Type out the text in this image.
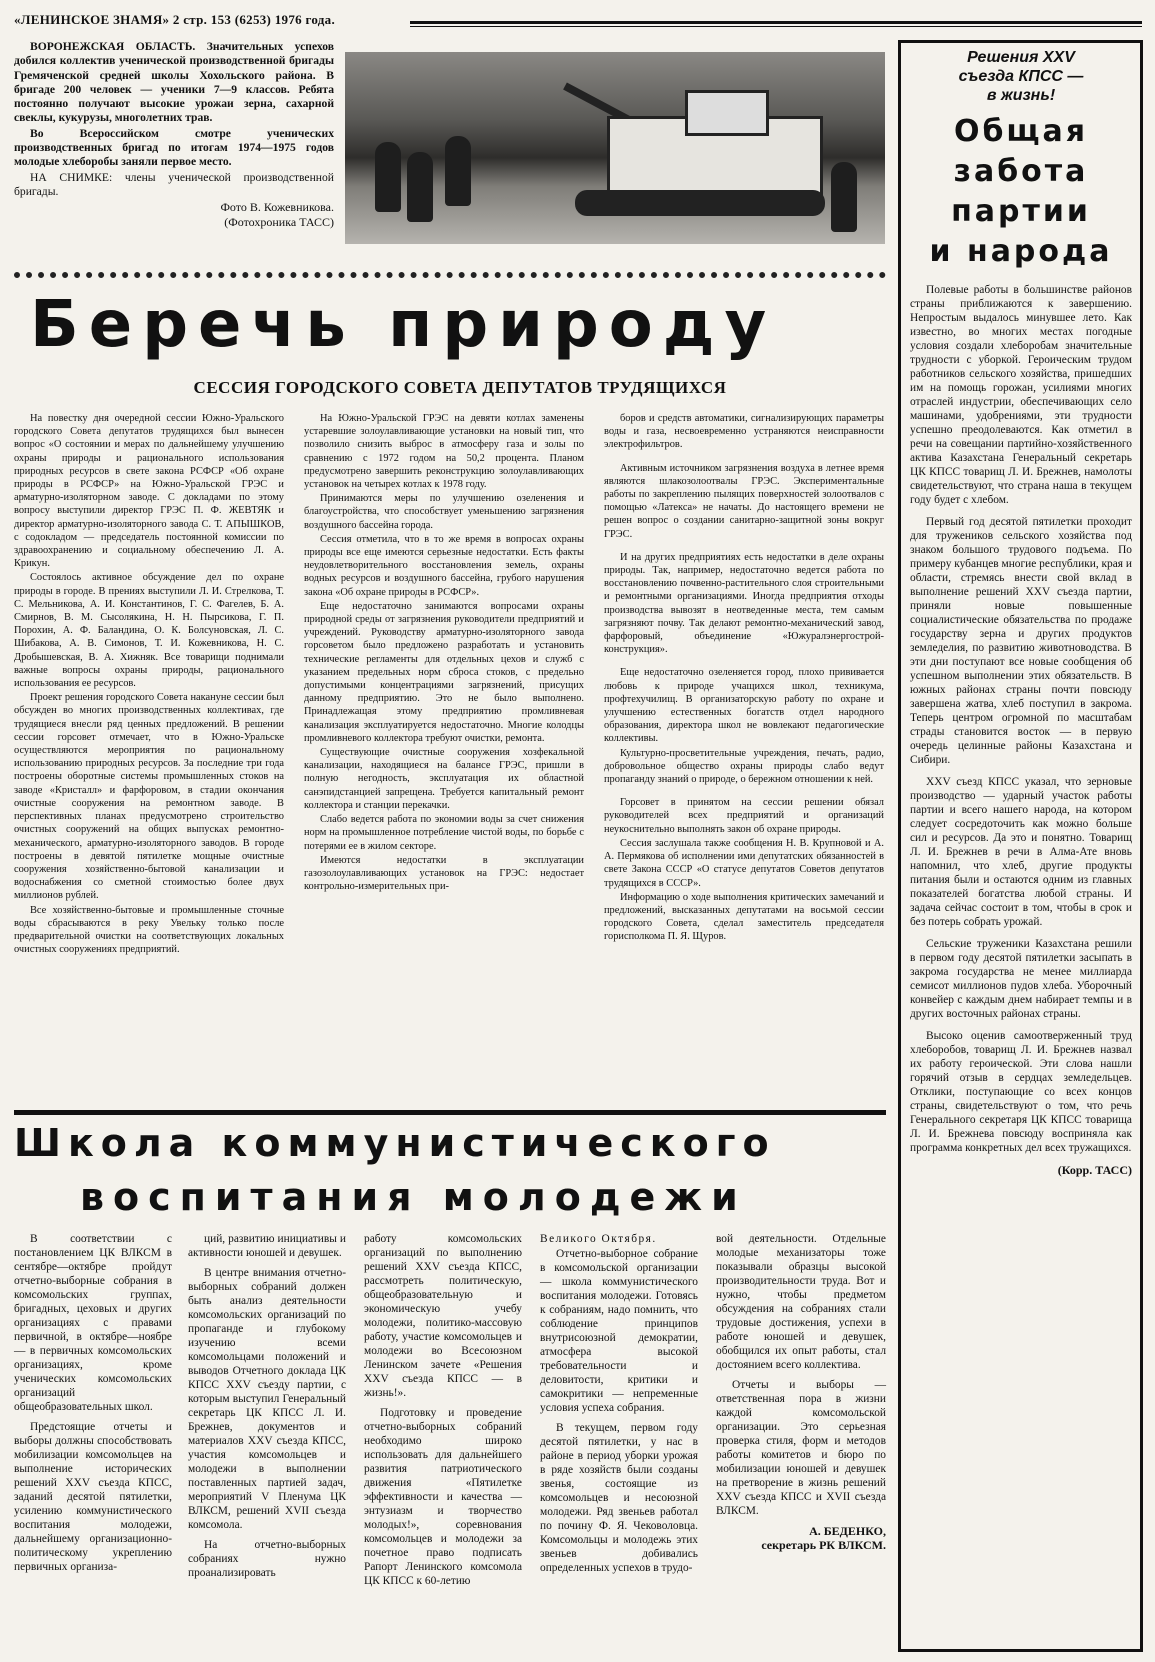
«ЛЕНИНСКОЕ ЗНАМЯ» 2 стр. 153 (6253) 1976 года.

ВОРОНЕЖСКАЯ ОБЛАСТЬ. Значительных успехов добился коллектив ученической производственной бригады Гремяченской средней школы Хохольского района. В бригаде 200 человек — ученики 7—9 классов. Ребята постоянно получают высокие урожаи зерна, сахарной свеклы, кукурузы, многолетних трав.

Во Всероссийском смотре ученических производственных бригад по итогам 1974—1975 годов молодые хлеборобы заняли первое место.

НА СНИМКЕ: члены ученической производственной бригады.

Фото В. Кожевникова.
(Фотохроника ТАСС)
Решения XXV
съезда КПСС —
в жизнь!
Общая
забота
партии
и народа

Полевые работы в большинстве районов страны приближаются к завершению. Непростым выдалось минувшее лето. Как известно, во многих местах погодные условия создали хлеборобам значительные трудности с уборкой. Героическим трудом работников сельского хозяйства, пришедших им на помощь горожан, усилиями многих отраслей индустрии, обеспечивающих село машинами, удобрениями, эти трудности успешно преодолеваются. Как отметил в речи на совещании партийно-хозяйственного актива Казахстана Генеральный секретарь ЦК КПСС товарищ Л. И. Брежнев, намолоты свидетельствуют, что страна наша в текущем году будет с хлебом.

Первый год десятой пятилетки проходит для тружеников сельского хозяйства под знаком большого трудового подъема. По примеру кубанцев многие республики, края и области, стремясь внести свой вклад в выполнение решений XXV съезда партии, приняли новые повышенные социалистические обязательства по продаже государству зерна и других продуктов земледелия, по развитию животноводства. В эти дни поступают все новые сообщения об успешном выполнении этих обязательств. В южных районах страны почти повсюду завершена жатва, хлеб поступил в закрома. Теперь центром огромной по масштабам страды становится восток — в первую очередь целинные районы Казахстана и Сибири.

XXV съезд КПСС указал, что зерновые производство — ударный участок работы партии и всего нашего народа, на котором следует сосредоточить как можно больше сил и ресурсов. Да это и понятно. Товарищ Л. И. Брежнев в речи в Алма-Ате вновь напомнил, что хлеб, другие продукты питания были и остаются одним из главных показателей богатства любой страны. И задача сейчас состоит в том, чтобы в срок и без потерь собрать урожай.

Сельские труженики Казахстана решили в первом году десятой пятилетки засыпать в закрома государства не менее миллиарда семисот миллионов пудов хлеба. Уборочный конвейер с каждым днем набирает темпы и в других восточных районах страны.

Высоко оценив самоотверженный труд хлеборобов, товарищ Л. И. Брежнев назвал их работу героической. Эти слова нашли горячий отзыв в сердцах земледельцев. Отклики, поступающие со всех концов страны, свидетельствуют о том, что речь Генерального секретаря ЦК КПСС товарища Л. И. Брежнева повсюду восприняла как программа конкретных дел всех тружащихся.

(Корр. ТАСС)
Беречь природу
СЕССИЯ ГОРОДСКОГО СОВЕТА ДЕПУТАТОВ ТРУДЯЩИХСЯ

На повестку дня очередной сессии Южно-Уральского городского Совета депутатов трудящихся был вынесен вопрос «О состоянии и мерах по дальнейшему улучшению охраны природы и рационального использования природных ресурсов в свете закона РСФСР «Об охране природы в РСФСР» на Южно-Уральской ГРЭС и арматурно-изоляторном заводе. С докладами по этому вопросу выступили директор ГРЭС П. Ф. ЖЕВТЯК и директор арматурно-изоляторного завода С. Т. АПЫШКОВ, с содокладом — председатель постоянной комиссии по здравоохранению и социальному обеспечению Л. А. Крикун.

Состоялось активное обсуждение дел по охране природы в городе. В прениях выступили Л. И. Стрелкова, Т. С. Мельникова, А. И. Константинов, Г. С. Фагелев, Б. А. Смирнов, В. М. Сысолякина, Н. Н. Пырсикова, Г. П. Порохин, А. Ф. Баландина, О. К. Болсуновская, Л. С. Шибакова, А. В. Симонов, Т. И. Кожевникова, Н. С. Дробышевская, В. А. Хижняк. Все товарищи поднимали важные вопросы охраны природы, рационального использования ее ресурсов.

Проект решения городского Совета накануне сессии был обсужден во многих производственных коллективах, где трудящиеся внесли ряд ценных предложений. В решении сессии горсовет отмечает, что в Южно-Уральске осуществляются мероприятия по рациональному использованию природных ресурсов. За последние три года построены оборотные системы промышленных стоков на заводе «Кристалл» и фарфоровом, в стадии окончания очистные сооружения на ремонтном заводе. В перспективных планах предусмотрено строительство очистных сооружений на общих выпусках ремонтно-механического, арматурно-изоляторного заводов. В городе построены в девятой пятилетке мощные очистные сооружения хозяйственно-бытовой канализации и водоснабжения со сметной стоимостью более двух миллионов рублей.

Все хозяйственно-бытовые и промышленные сточные воды сбрасываются в реку Увельку только после предварительной очистки на соответствующих локальных очистных сооружениях предприятий.

На Южно-Уральской ГРЭС на девяти котлах заменены устаревшие золоулавливающие установки на новый тип, что позволило снизить выброс в атмосферу газа и золы по сравнению с 1972 годом на 50,2 процента. Планом предусмотрено завершить реконструкцию золоулавливающих установок на четырех котлах к 1978 году.

Принимаются меры по улучшению озеленения и благоустройства, что способствует уменьшению загрязнения воздушного бассейна города.

Сессия отметила, что в то же время в вопросах охраны природы все еще имеются серьезные недостатки. Есть факты неудовлетворительного восстановления земель, охраны водных ресурсов и воздушного бассейна, грубого нарушения закона «Об охране природы в РСФСР».

Еще недостаточно занимаются вопросами охраны природной среды от загрязнения руководители предприятий и учреждений. Руководству арматурно-изоляторного завода горсоветом было предложено разработать и установить технические регламенты для отдельных цехов и служб с указанием предельных норм сброса стоков, с предельно допустимыми концентрациями загрязнений, присущих данному предприятию. Это не было выполнено. Принадлежащая этому предприятию промливневая канализация эксплуатируется недостаточно. Многие колодцы промливневого коллектора требуют очистки, ремонта.

Существующие очистные сооружения хозфекальной канализации, находящиеся на балансе ГРЭС, пришли в полную негодность, эксплуатация их областной санэпидстанцией запрещена. Требуется капитальный ремонт коллектора и станции перекачки.

Слабо ведется работа по экономии воды за счет снижения норм на промышленное потребление чистой воды, по борьбе с потерями ее в жилом секторе.

Имеются недостатки в эксплуатации газозолоулавливающих установок на ГРЭС: недостает контрольно-измерительных при-

боров и средств автоматики, сигнализирующих параметры воды и газа, несвоевременно устраняются неисправности электрофильтров.

Активным источником загрязнения воздуха в летнее время являются шлакозолоотвалы ГРЭС. Экспериментальные работы по закреплению пылящих поверхностей золоотвалов с помощью «Латекса» не начаты. До настоящего времени не решен вопрос о создании санитарно-защитной зоны вокруг ГРЭС.

И на других предприятиях есть недостатки в деле охраны природы. Так, например, недостаточно ведется работа по восстановлению почвенно-растительного слоя строительными и ремонтными организациями. Иногда предприятия отходы производства вывозят в неотведенные места, тем самым загрязняют почву. Так делают ремонтно-механический завод, фарфоровый, объединение «Южуралэнергострой-конструкция».

Еще недостаточно озеленяется город, плохо прививается любовь к природе учащихся школ, техникума, профтехучилищ. В организаторскую работу по охране и улучшению естественных богатств отдел народного образования, директора школ не вовлекают педагогические коллективы.

Культурно-просветительные учреждения, печать, радио, добровольное общество охраны природы слабо ведут пропаганду знаний о природе, о бережном отношении к ней.

Горсовет в принятом на сессии решении обязал руководителей всех предприятий и организаций неукоснительно выполнять закон об охране природы.

Сессия заслушала также сообщения Н. В. Крупновой и А. А. Пермякова об исполнении ими депутатских обязанностей в свете Закона СССР «О статусе депутатов Советов депутатов трудящихся в СССР».

Информацию о ходе выполнения критических замечаний и предложений, высказанных депутатами на восьмой сессии городского Совета, сделал заместитель председателя горисполкома П. Я. Щуров.

Школа коммунистического
воспитания молодежи

В соответствии с постановлением ЦК ВЛКСМ в сентябре—октябре пройдут отчетно-выборные собрания в комсомольских группах, бригадных, цеховых и других организациях с правами первичной, в октябре—ноябре — в первичных комсомольских организациях, кроме ученических комсомольских организаций общеобразовательных школ.

Предстоящие отчеты и выборы должны способствовать мобилизации комсомольцев на выполнение исторических решений XXV съезда КПСС, заданий десятой пятилетки, усилению коммунистического воспитания молодежи, дальнейшему организационно-политическому укреплению первичных организа-

ций, развитию инициативы и активности юношей и девушек.

В центре внимания отчетно-выборных собраний должен быть анализ деятельности комсомольских организаций по пропаганде и глубокому изучению всеми комсомольцами положений и выводов Отчетного доклада ЦК КПСС XXV съезду партии, с которым выступил Генеральный секретарь ЦК КПСС Л. И. Брежнев, документов и материалов XXV съезда КПСС, участия комсомольцев и молодежи в выполнении поставленных партией задач, мероприятий V Пленума ЦК ВЛКСМ, решений XVII съезда комсомола.

На отчетно-выборных собраниях нужно проанализировать

работу комсомольских организаций по выполнению решений XXV съезда КПСС, рассмотреть политическую, общеобразовательную и экономическую учебу молодежи, политико-массовую работу, участие комсомольцев и молодежи во Всесоюзном Ленинском зачете «Решения XXV съезда КПСС — в жизнь!».

Подготовку и проведение отчетно-выборных собраний необходимо широко использовать для дальнейшего развития патриотического движения «Пятилетке эффективности и качества — энтузиазм и творчество молодых!», соревнования комсомольцев и молодежи за почетное право подписать Рапорт Ленинского комсомола ЦК КПСС к 60-летию

Великого Октября.

Отчетно-выборное собрание в комсомольской организации — школа коммунистического воспитания молодежи. Готовясь к собраниям, надо помнить, что соблюдение принципов внутрисоюзной демократии, атмосфера высокой требовательности и деловитости, критики и самокритики — непременные условия успеха собрания.

В текущем, первом году десятой пятилетки, у нас в районе в период уборки урожая в ряде хозяйств были созданы звенья, состоящие из комсомольцев и несоюзной молодежи. Ряд звеньев работал по почину Ф. Я. Чековоловца. Комсомольцы и молодежь этих звеньев добивались определенных успехов в трудо-

вой деятельности. Отдельные молодые механизаторы тоже показывали образцы высокой производительности труда. Вот и нужно, чтобы предметом обсуждения на собраниях стали трудовые достижения, успехи в работе юношей и девушек, обобщился их опыт работы, стал достоянием всего коллектива.

Отчеты и выборы — ответственная пора в жизни каждой комсомольской организации. Это серьезная проверка стиля, форм и методов работы комитетов и бюро по мобилизации юношей и девушек на претворение в жизнь решений XXV съезда КПСС и XVII съезда ВЛКСМ.

А. БЕДЕНКО,
секретарь РК ВЛКСМ.
